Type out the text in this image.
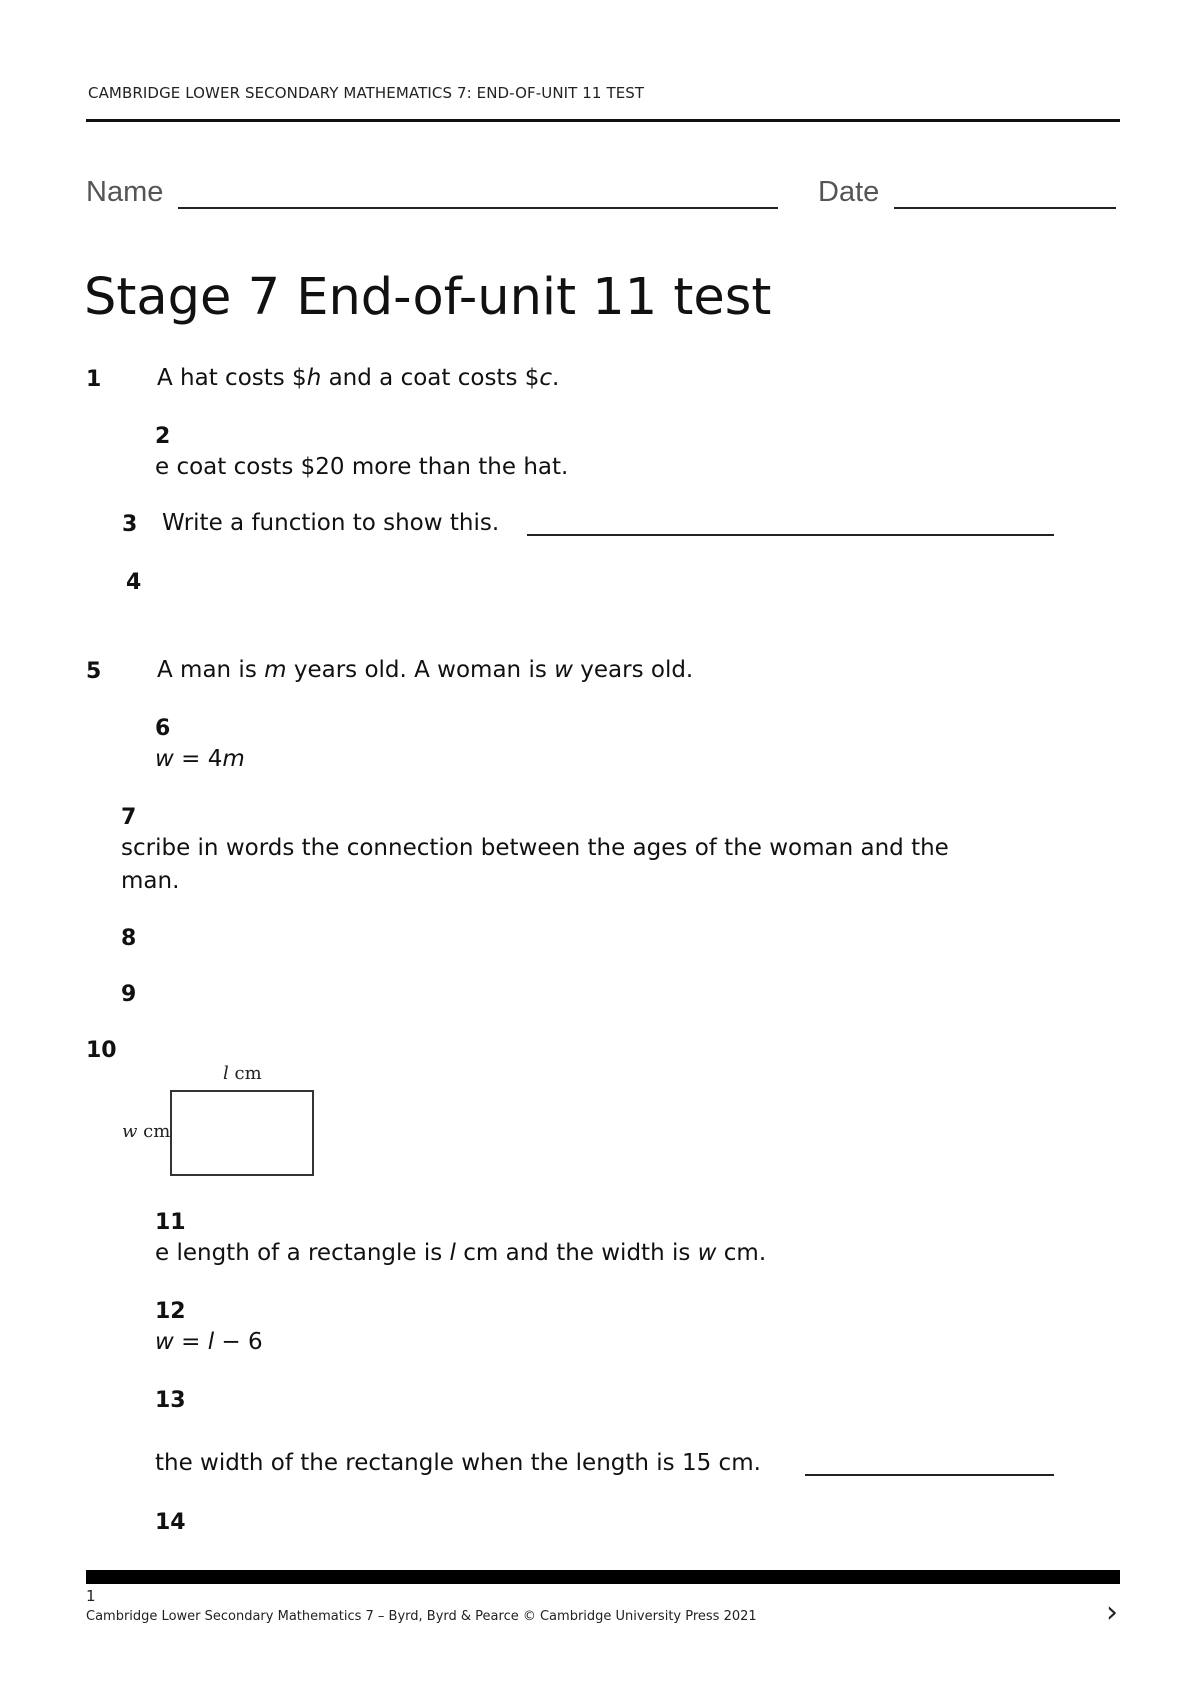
CAMBRIDGE LOWER SECONDARY MATHEMATICS 7: END-OF-UNIT 11 TEST
Name	Date
Stage 7 End-of-unit 11 test
1 A hat costs $h and a coat costs $c.
2
e coat costs $20 more than the hat.
3 Write a function to show this.
4
5 A man is m years old. A woman is w years old.
6
w = 4m
7
scribe in words the connection between the ages of the woman and the
man.
8
9
10
l cm
w cm
11
e length of a rectangle is l cm and the width is w cm.
12
w = l − 6
13
the width of the rectangle when the length is 15 cm.
14
1
Cambridge Lower Secondary Mathematics 7 – Byrd, Byrd & Pearce © Cambridge University Press 2021	›
